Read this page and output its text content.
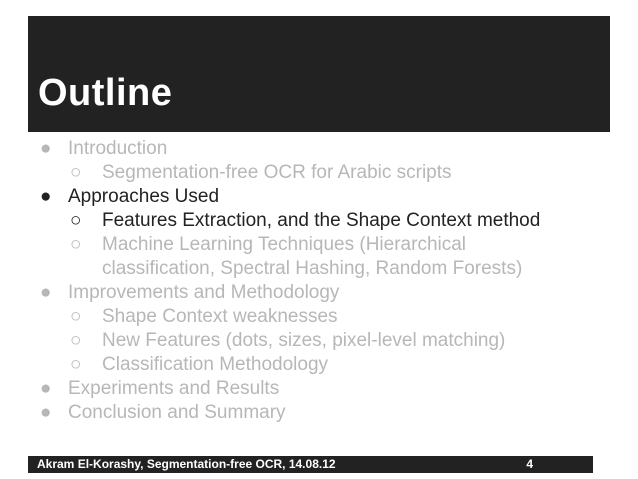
Outline
● Introduction
○ Segmentation-free OCR for Arabic scripts
● Approaches Used
○ Features Extraction, and the Shape Context method
○ Machine Learning Techniques (Hierarchical
classification, Spectral Hashing, Random Forests)
● Improvements and Methodology
○ Shape Context weaknesses
○ New Features (dots, sizes, pixel-level matching)
○ Classification Methodology
● Experiments and Results
● Conclusion and Summary
Akram El-Korashy, Segmentation-free OCR, 14.08.12	4
